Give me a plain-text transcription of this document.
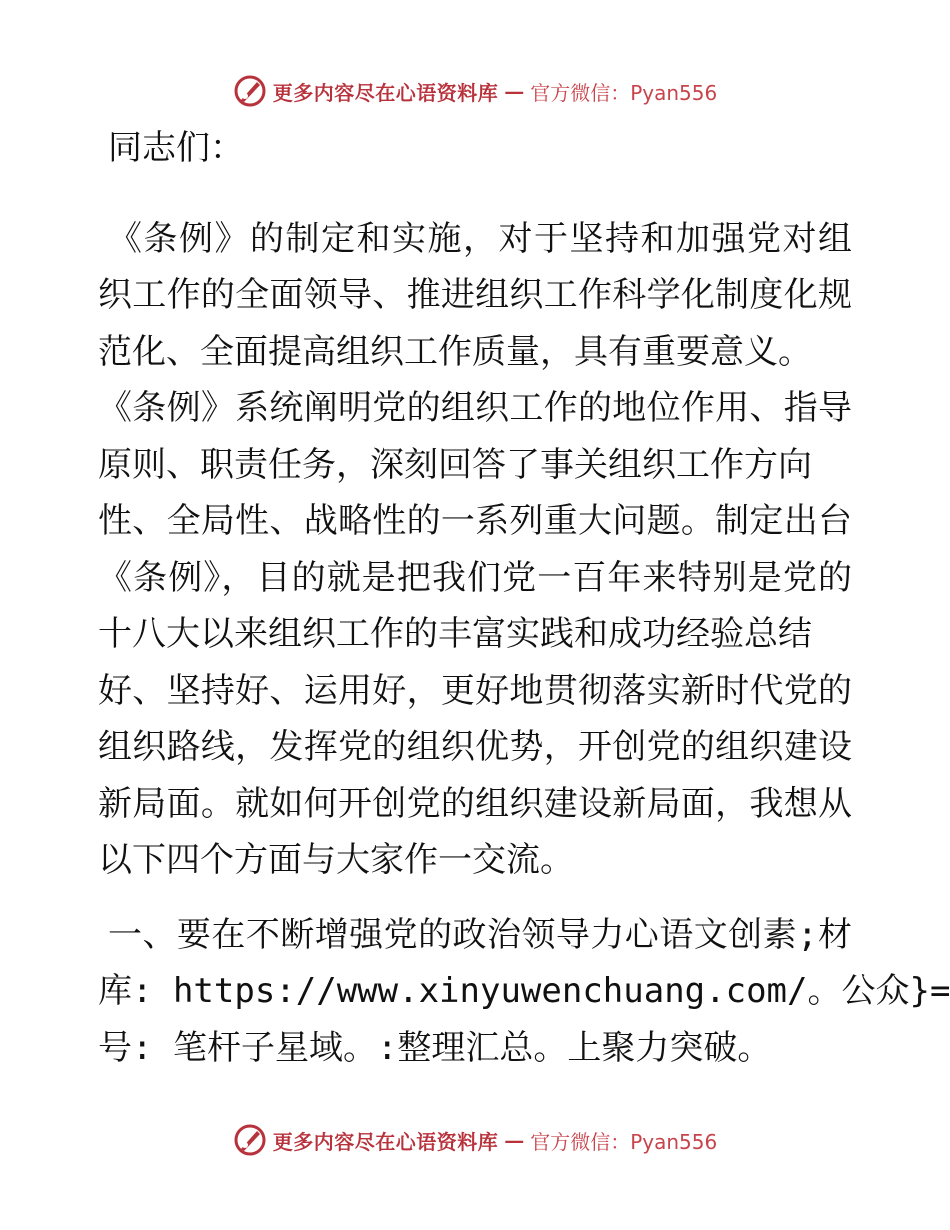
更多内容尽在心语资料库 — 官方微信：Pyan556
同志们：
《条例》的制定和实施，对于坚持和加强党对组
织工作的全面领导、推进组织工作科学化制度化规
范化、全面提高组织工作质量，具有重要意义。
《条例》系统阐明党的组织工作的地位作用、指导
原则、职责任务，深刻回答了事关组织工作方向
性、全局性、战略性的一系列重大问题。制定出台
《条例》，目的就是把我们党一百年来特别是党的
十八大以来组织工作的丰富实践和成功经验总结
好、坚持好、运用好，更好地贯彻落实新时代党的
组织路线，发挥党的组织优势，开创党的组织建设
新局面。就如何开创党的组织建设新局面，我想从
以下四个方面与大家作一交流。
一、要在不断增强党的政治领导力心语文创素;材
库: https://www.xinyuwenchuang.com/。公众}=
号: 笔杆子星域。:整理汇总。上聚力突破。
更多内容尽在心语资料库 — 官方微信：Pyan556
